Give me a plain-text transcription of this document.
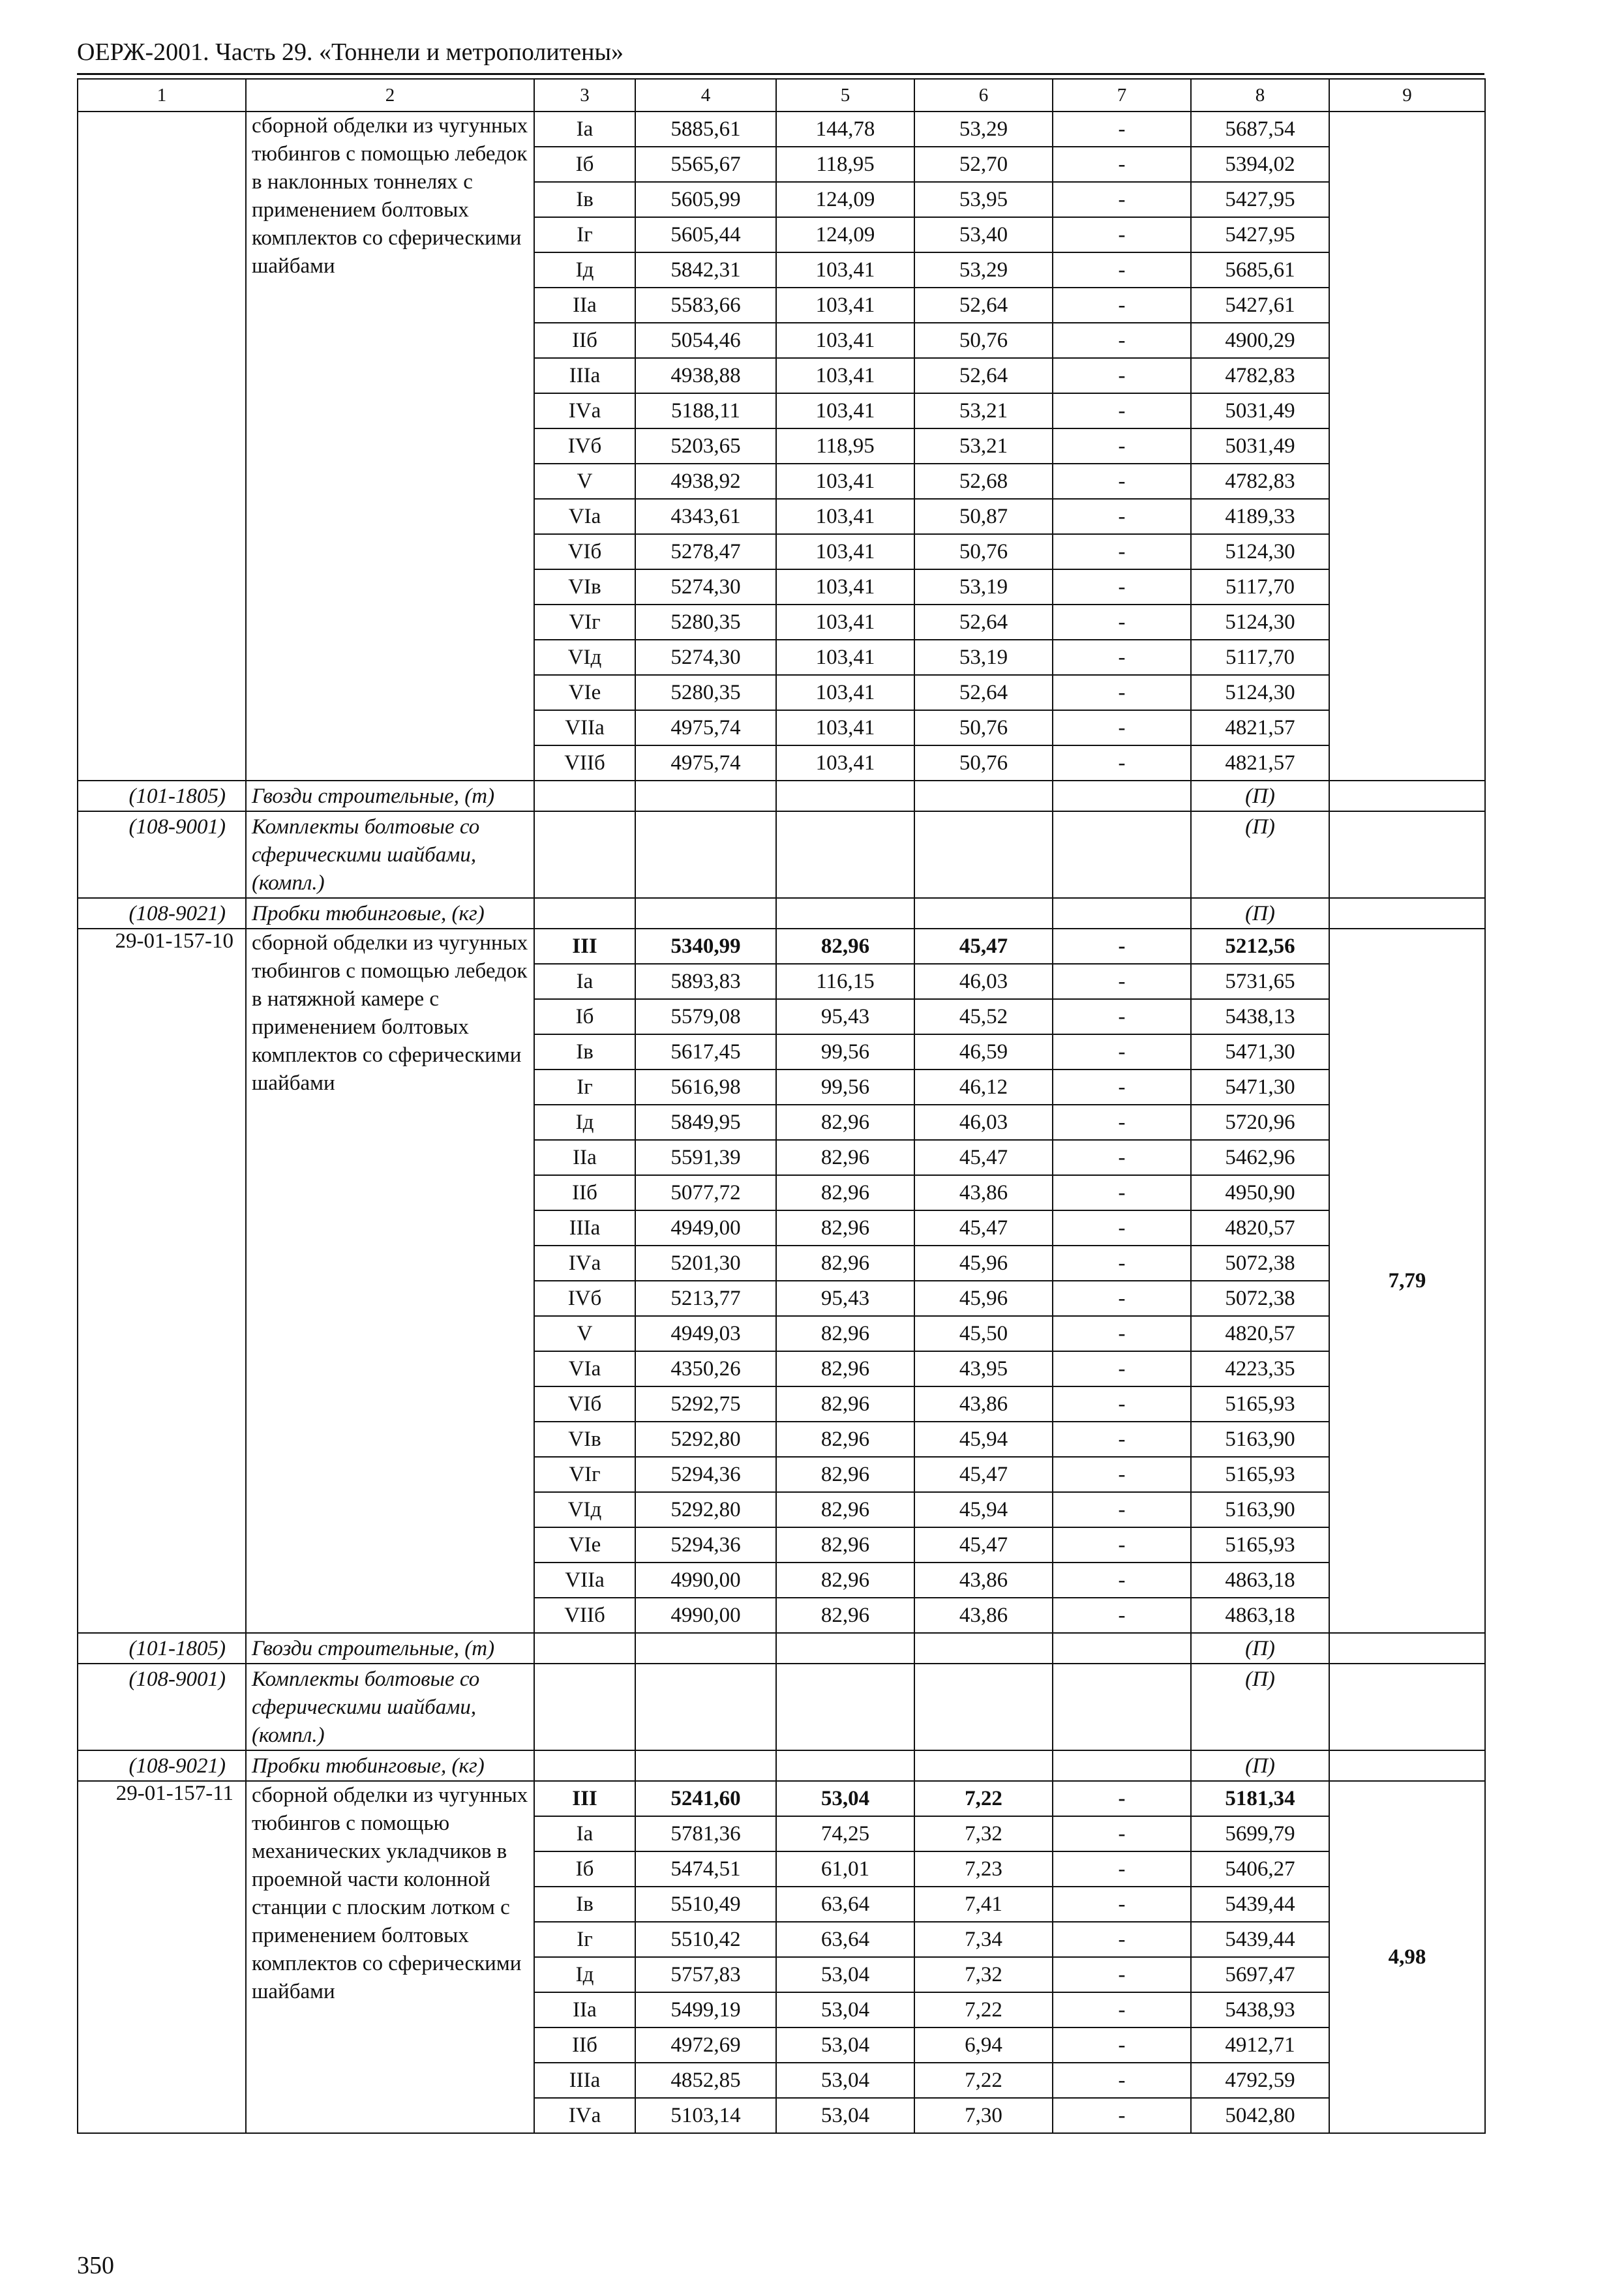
ОЕРЖ-2001. Часть 29. «Тоннели и метрополитены»
1	2	3	4	5	6	7	8	9
	сборной обделки из чугунных тюбингов с помощью лебедок в наклонных тоннелях с применением болтовых комплектов со сферическими шайбами	Iа	5885,61	144,78	53,29	-	5687,54	
		Iб	5565,67	118,95	52,70	-	5394,02	
		Iв	5605,99	124,09	53,95	-	5427,95	
		Iг	5605,44	124,09	53,40	-	5427,95	
		Iд	5842,31	103,41	53,29	-	5685,61	
		IIа	5583,66	103,41	52,64	-	5427,61	
		IIб	5054,46	103,41	50,76	-	4900,29	
		IIIа	4938,88	103,41	52,64	-	4782,83	
		IVа	5188,11	103,41	53,21	-	5031,49	
		IVб	5203,65	118,95	53,21	-	5031,49	
		V	4938,92	103,41	52,68	-	4782,83	
		VIа	4343,61	103,41	50,87	-	4189,33	
		VIб	5278,47	103,41	50,76	-	5124,30	
		VIв	5274,30	103,41	53,19	-	5117,70	
		VIг	5280,35	103,41	52,64	-	5124,30	
		VIд	5274,30	103,41	53,19	-	5117,70	
		VIе	5280,35	103,41	52,64	-	5124,30	
		VIIа	4975,74	103,41	50,76	-	4821,57	
		VIIб	4975,74	103,41	50,76	-	4821,57	
(101-1805)	Гвозди строительные, (т)						(П)	
(108-9001)	Комплекты болтовые со сферическими шайбами, (компл.)						(П)	
(108-9021)	Пробки тюбинговые, (кг)						(П)	
29-01-157-10	сборной обделки из чугунных тюбингов с помощью лебедок в натяжной камере с применением болтовых комплектов со сферическими шайбами	III	5340,99	82,96	45,47	-	5212,56	7,79
		Iа	5893,83	116,15	46,03	-	5731,65	
		Iб	5579,08	95,43	45,52	-	5438,13	
		Iв	5617,45	99,56	46,59	-	5471,30	
		Iг	5616,98	99,56	46,12	-	5471,30	
		Iд	5849,95	82,96	46,03	-	5720,96	
		IIа	5591,39	82,96	45,47	-	5462,96	
		IIб	5077,72	82,96	43,86	-	4950,90	
		IIIа	4949,00	82,96	45,47	-	4820,57	
		IVа	5201,30	82,96	45,96	-	5072,38	
		IVб	5213,77	95,43	45,96	-	5072,38	
		V	4949,03	82,96	45,50	-	4820,57	
		VIа	4350,26	82,96	43,95	-	4223,35	
		VIб	5292,75	82,96	43,86	-	5165,93	
		VIв	5292,80	82,96	45,94	-	5163,90	
		VIг	5294,36	82,96	45,47	-	5165,93	
		VIд	5292,80	82,96	45,94	-	5163,90	
		VIе	5294,36	82,96	45,47	-	5165,93	
		VIIа	4990,00	82,96	43,86	-	4863,18	
		VIIб	4990,00	82,96	43,86	-	4863,18	
(101-1805)	Гвозди строительные, (т)						(П)	
(108-9001)	Комплекты болтовые со сферическими шайбами, (компл.)						(П)	
(108-9021)	Пробки тюбинговые, (кг)						(П)	
29-01-157-11	сборной обделки из чугунных тюбингов с помощью механических укладчиков в проемной части колонной станции с плоским лотком с применением болтовых комплектов со сферическими шайбами	III	5241,60	53,04	7,22	-	5181,34	4,98
		Iа	5781,36	74,25	7,32	-	5699,79	
		Iб	5474,51	61,01	7,23	-	5406,27	
		Iв	5510,49	63,64	7,41	-	5439,44	
		Iг	5510,42	63,64	7,34	-	5439,44	
		Iд	5757,83	53,04	7,32	-	5697,47	
		IIа	5499,19	53,04	7,22	-	5438,93	
		IIб	4972,69	53,04	6,94	-	4912,71	
		IIIа	4852,85	53,04	7,22	-	4792,59	
		IVа	5103,14	53,04	7,30	-	5042,80	
350
